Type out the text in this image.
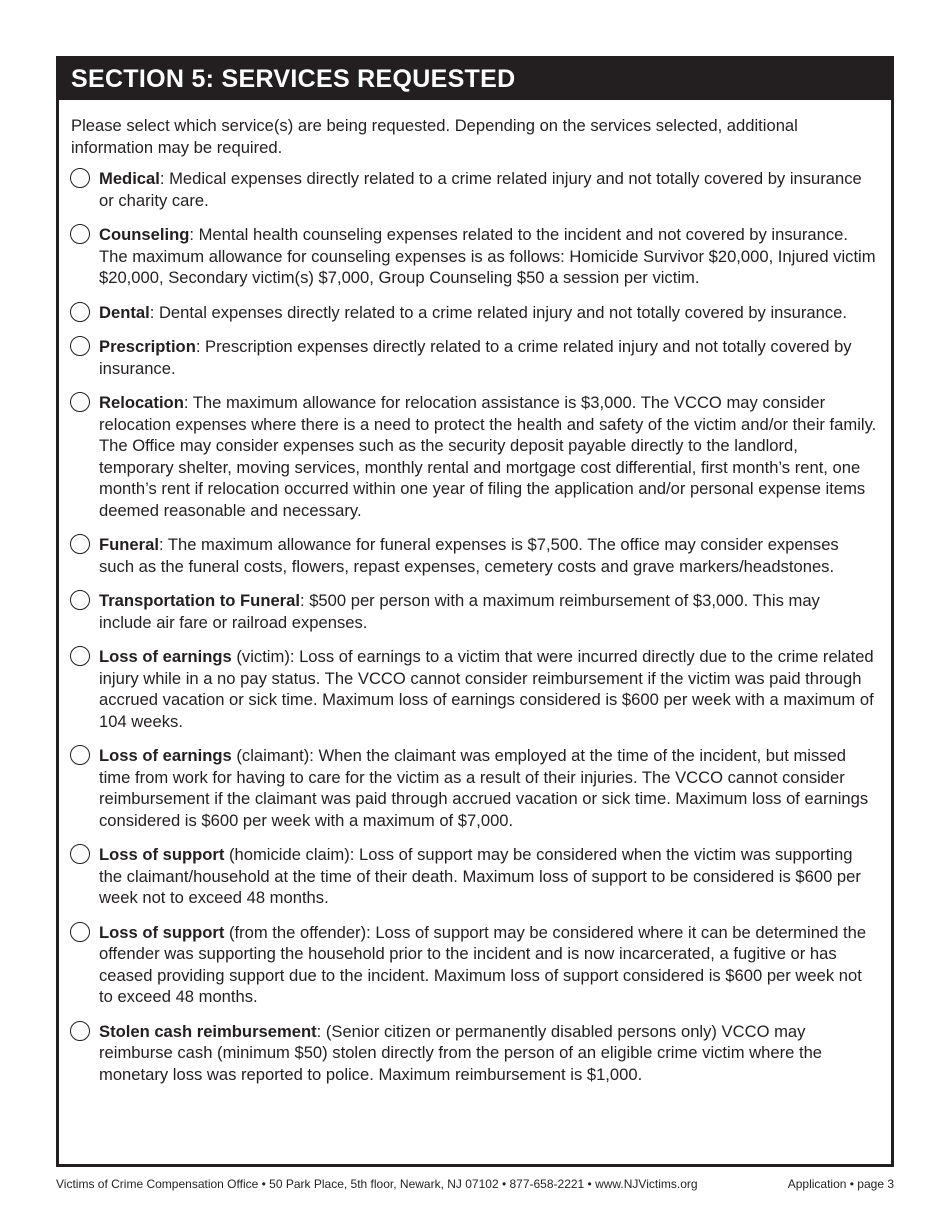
SECTION 5: SERVICES REQUESTED
Please select which service(s) are being requested. Depending on the services selected, additional information may be required.
Medical: Medical expenses directly related to a crime related injury and not totally covered by insurance or charity care.
Counseling: Mental health counseling expenses related to the incident and not covered by insurance. The maximum allowance for counseling expenses is as follows: Homicide Survivor $20,000, Injured victim $20,000, Secondary victim(s) $7,000, Group Counseling $50 a session per victim.
Dental: Dental expenses directly related to a crime related injury and not totally covered by insurance.
Prescription: Prescription expenses directly related to a crime related injury and not totally covered by insurance.
Relocation: The maximum allowance for relocation assistance is $3,000. The VCCO may consider relocation expenses where there is a need to protect the health and safety of the victim and/or their family. The Office may consider expenses such as the security deposit payable directly to the landlord, temporary shelter, moving services, monthly rental and mortgage cost differential, first month’s rent, one month’s rent if relocation occurred within one year of filing the application and/or personal expense items deemed reasonable and necessary.
Funeral: The maximum allowance for funeral expenses is $7,500. The office may consider expenses such as the funeral costs, flowers, repast expenses, cemetery costs and grave markers/headstones.
Transportation to Funeral: $500 per person with a maximum reimbursement of $3,000. This may include air fare or railroad expenses.
Loss of earnings (victim): Loss of earnings to a victim that were incurred directly due to the crime related injury while in a no pay status. The VCCO cannot consider reimbursement if the victim was paid through accrued vacation or sick time. Maximum loss of earnings considered is $600 per week with a maximum of 104 weeks.
Loss of earnings (claimant): When the claimant was employed at the time of the incident, but missed time from work for having to care for the victim as a result of their injuries. The VCCO cannot consider reimbursement if the claimant was paid through accrued vacation or sick time. Maximum loss of earnings considered is $600 per week with a maximum of $7,000.
Loss of support (homicide claim): Loss of support may be considered when the victim was supporting the claimant/household at the time of their death. Maximum loss of support to be considered is $600 per week not to exceed 48 months.
Loss of support (from the offender): Loss of support may be considered where it can be determined the offender was supporting the household prior to the incident and is now incarcerated, a fugitive or has ceased providing support due to the incident. Maximum loss of support considered is $600 per week not to exceed 48 months.
Stolen cash reimbursement: (Senior citizen or permanently disabled persons only) VCCO may reimburse cash (minimum $50) stolen directly from the person of an eligible crime victim where the monetary loss was reported to police. Maximum reimbursement is $1,000.
Victims of Crime Compensation Office • 50 Park Place, 5th floor, Newark, NJ 07102 • 877-658-2221 • www.NJVictims.org	Application • page 3
